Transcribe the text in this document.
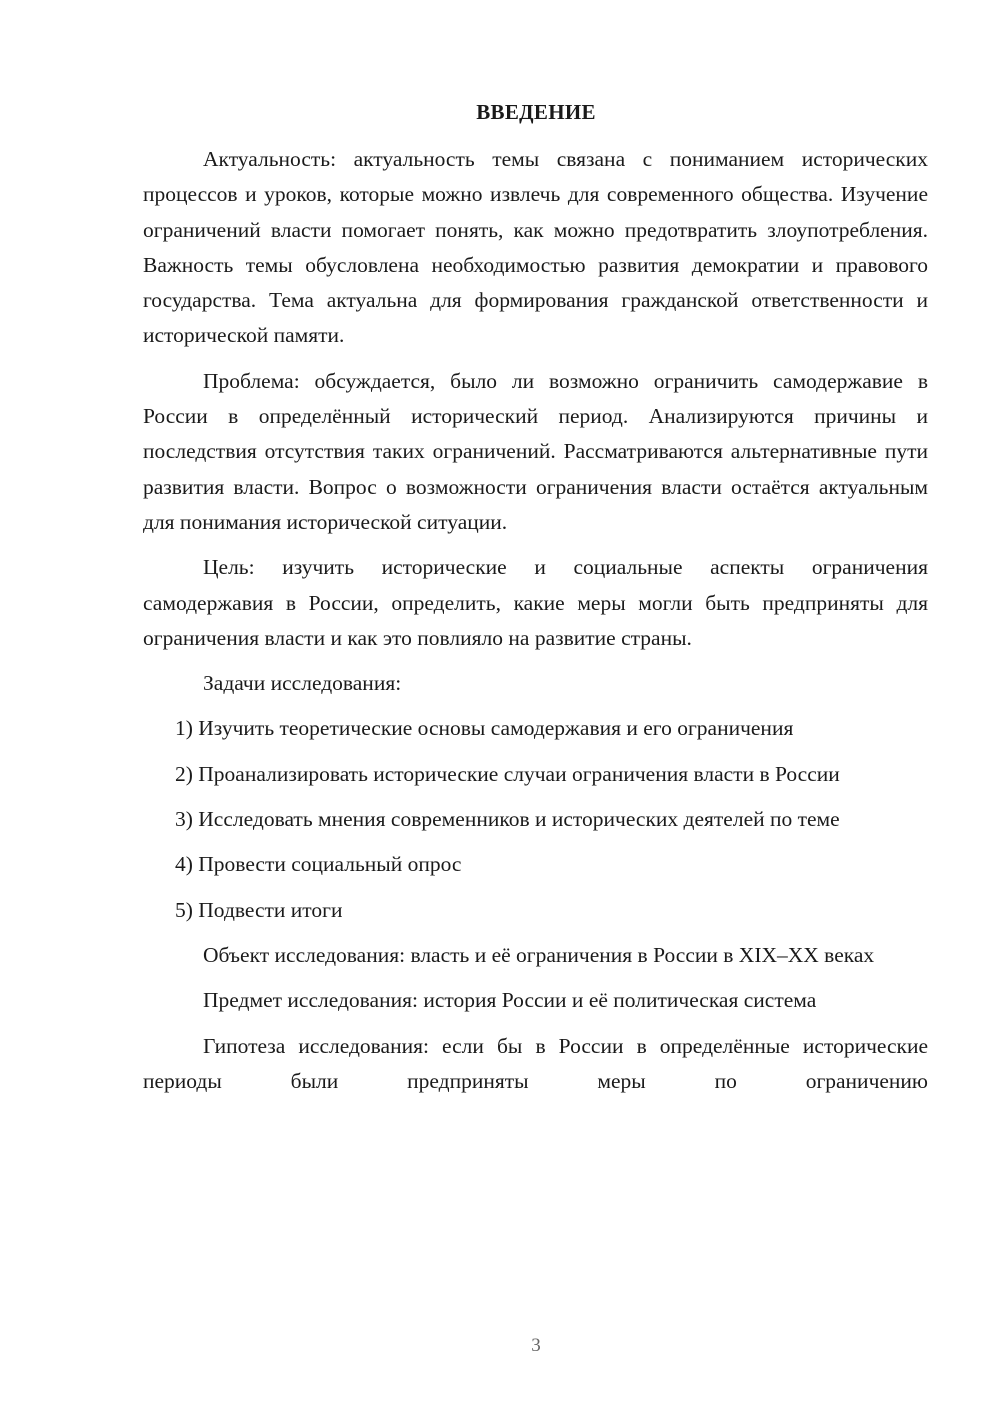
ВВЕДЕНИЕ

Актуальность: актуальность темы связана с пониманием исторических процессов и уроков, которые можно извлечь для современного общества. Изучение ограничений власти помогает понять, как можно предотвратить злоупотребления. Важность темы обусловлена необходимостью развития демократии и правового государства. Тема актуальна для формирования гражданской ответственности и исторической памяти.

Проблема: обсуждается, было ли возможно ограничить самодержавие в России в определённый исторический период. Анализируются причины и последствия отсутствия таких ограничений. Рассматриваются альтернативные пути развития власти. Вопрос о возможности ограничения власти остаётся актуальным для понимания исторической ситуации.

Цель: изучить исторические и социальные аспекты ограничения самодержавия в России, определить, какие меры могли быть предприняты для ограничения власти и как это повлияло на развитие страны.

Задачи исследования:

1) Изучить теоретические основы самодержавия и его ограничения

2) Проанализировать исторические случаи ограничения власти в России

3) Исследовать мнения современников и исторических деятелей по теме

4) Провести социальный опрос

5) Подвести итоги

Объект исследования: власть и её ограничения в России в XIX–XX веках

Предмет исследования: история России и её политическая система

Гипотеза исследования: если бы в России в определённые исторические периоды были предприняты меры по ограничению

3
